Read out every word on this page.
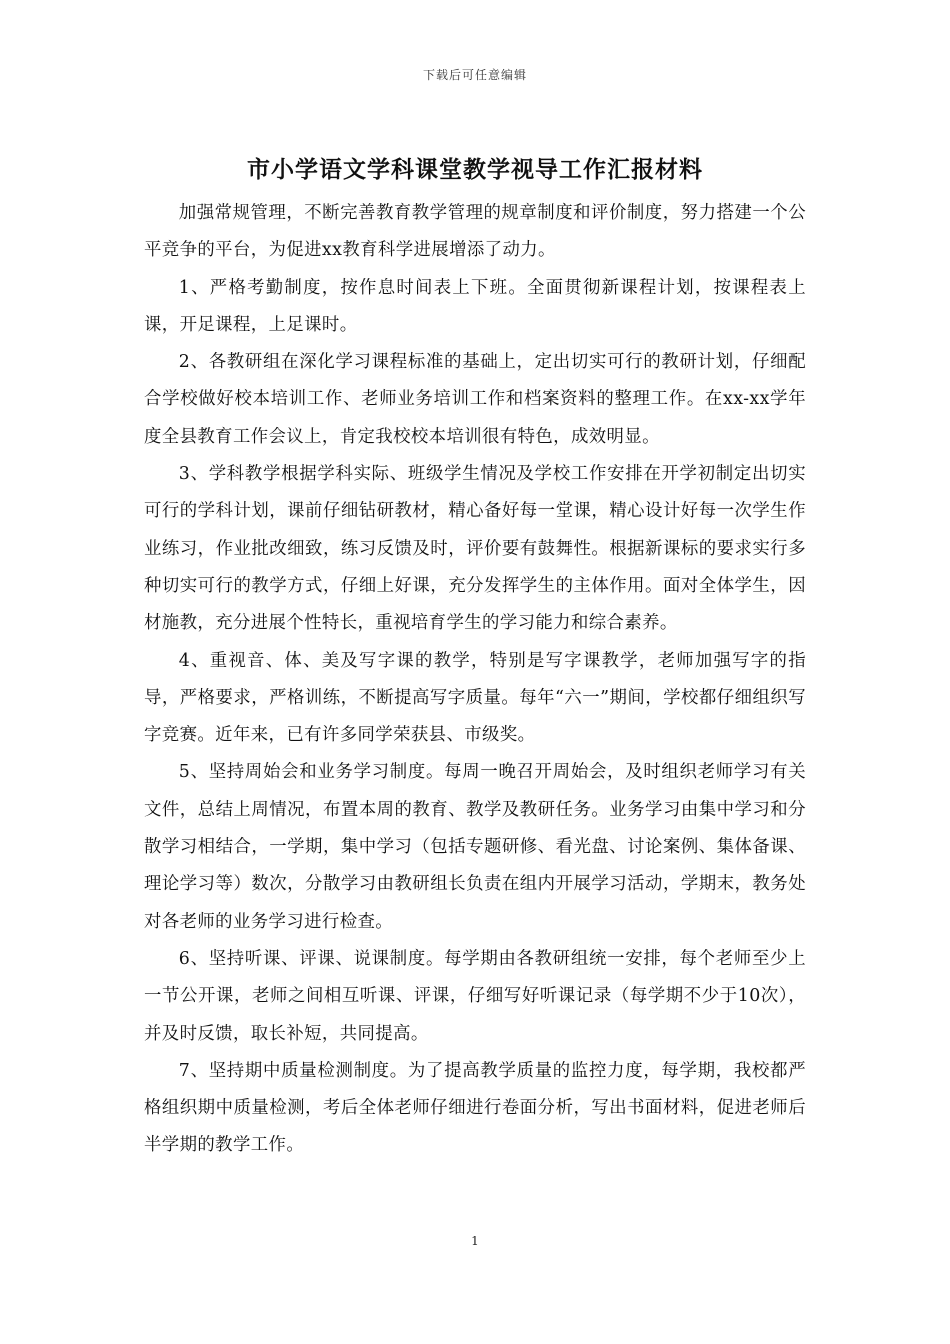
下载后可任意编辑
市小学语文学科课堂教学视导工作汇报材料

加强常规管理，不断完善教育教学管理的规章制度和评价制度，努力搭建一个公平竞争的平台，为促进xx教育科学进展增添了动力。

1、严格考勤制度，按作息时间表上下班。全面贯彻新课程计划，按课程表上课，开足课程，上足课时。

2、各教研组在深化学习课程标准的基础上，定出切实可行的教研计划，仔细配合学校做好校本培训工作、老师业务培训工作和档案资料的整理工作。在xx-xx学年度全县教育工作会议上，肯定我校校本培训很有特色，成效明显。

3、学科教学根据学科实际、班级学生情况及学校工作安排在开学初制定出切实可行的学科计划，课前仔细钻研教材，精心备好每一堂课，精心设计好每一次学生作业练习，作业批改细致，练习反馈及时，评价要有鼓舞性。根据新课标的要求实行多种切实可行的教学方式，仔细上好课，充分发挥学生的主体作用。面对全体学生，因材施教，充分进展个性特长，重视培育学生的学习能力和综合素养。

4、重视音、体、美及写字课的教学，特别是写字课教学，老师加强写字的指导，严格要求，严格训练，不断提高写字质量。每年“六一”期间，学校都仔细组织写字竞赛。近年来，已有许多同学荣获县、市级奖。

5、坚持周始会和业务学习制度。每周一晚召开周始会，及时组织老师学习有关文件，总结上周情况，布置本周的教育、教学及教研任务。业务学习由集中学习和分散学习相结合，一学期，集中学习（包括专题研修、看光盘、讨论案例、集体备课、理论学习等）数次，分散学习由教研组长负责在组内开展学习活动，学期末，教务处对各老师的业务学习进行检查。

6、坚持听课、评课、说课制度。每学期由各教研组统一安排，每个老师至少上一节公开课，老师之间相互听课、评课，仔细写好听课记录（每学期不少于10次），并及时反馈，取长补短，共同提高。

7、坚持期中质量检测制度。为了提高教学质量的监控力度，每学期，我校都严格组织期中质量检测，考后全体老师仔细进行卷面分析，写出书面材料，促进老师后半学期的教学工作。

1
